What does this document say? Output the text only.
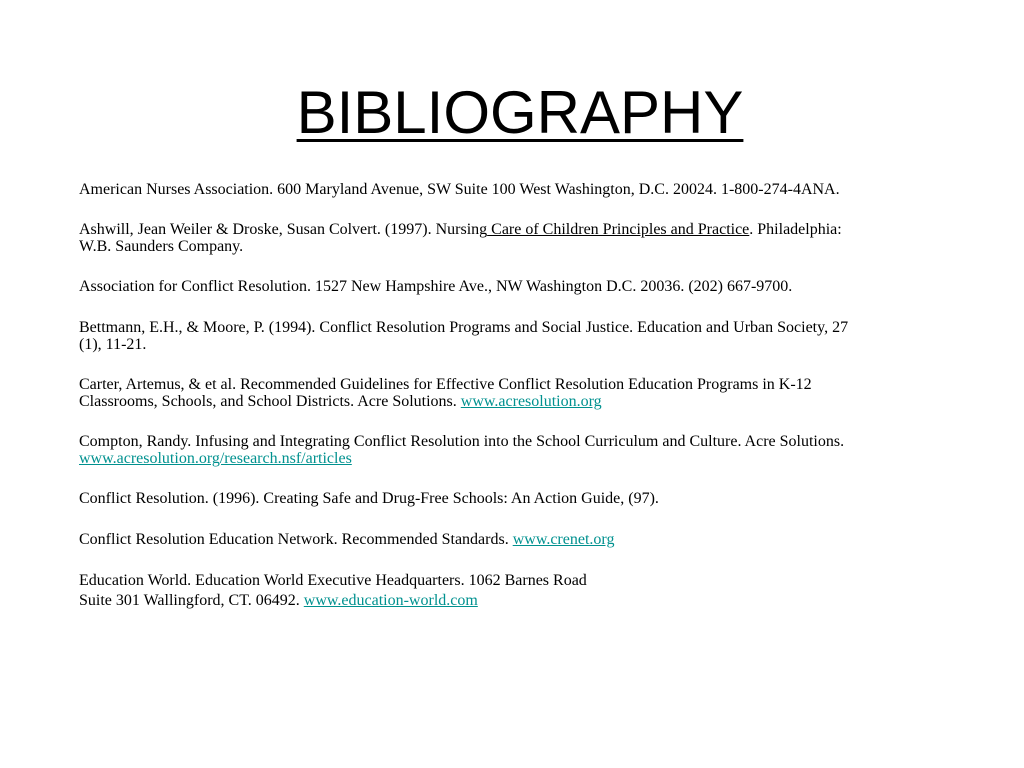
BIBLIOGRAPHY

American Nurses Association. 600 Maryland Avenue, SW Suite 100 West Washington, D.C. 20024. 1-800-274-4ANA.

Ashwill, Jean Weiler & Droske, Susan Colvert. (1997). Nursing Care of Children Principles and Practice. Philadelphia: W.B. Saunders Company.

Association for Conflict Resolution. 1527 New Hampshire Ave., NW Washington D.C. 20036. (202) 667-9700.

Bettmann, E.H., & Moore, P. (1994). Conflict Resolution Programs and Social Justice. Education and Urban Society, 27 (1), 11-21.

Carter, Artemus, & et al. Recommended Guidelines for Effective Conflict Resolution Education Programs in K-12 Classrooms, Schools, and School Districts. Acre Solutions. www.acresolution.org

Compton, Randy. Infusing and Integrating Conflict Resolution into the School Curriculum and Culture. Acre Solutions. www.acresolution.org/research.nsf/articles

Conflict Resolution. (1996). Creating Safe and Drug-Free Schools: An Action Guide, (97).

Conflict Resolution Education Network. Recommended Standards. www.crenet.org

Education World. Education World Executive Headquarters. 1062 Barnes Road
Suite 301 Wallingford, CT. 06492. www.education-world.com
